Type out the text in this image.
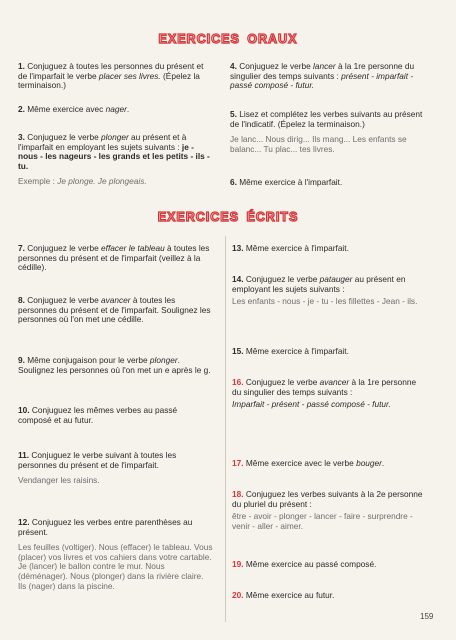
EXERCICES ORAUX
1. Conjuguez à toutes les personnes du présent et de l'imparfait le verbe placer ses livres. (Épelez la terminaison.)
2. Même exercice avec nager.
3. Conjuguez le verbe plonger au présent et à l'imparfait en employant les sujets suivants : je - nous - les nageurs - les grands et les petits - ils - tu.
Exemple : Je plonge. Je plongeais.
4. Conjuguez le verbe lancer à la 1re personne du singulier des temps suivants : présent - imparfait - passé composé - futur.
5. Lisez et complétez les verbes suivants au présent de l'indicatif. (Épelez la terminaison.)
Je lanc... Nous dirig... Ils mang... Les enfants se balanc... Tu plac... tes livres.
6. Même exercice à l'imparfait.
EXERCICES ÉCRITS
7. Conjuguez le verbe effacer le tableau à toutes les personnes du présent et de l'imparfait (veillez à la cédille).
8. Conjuguez le verbe avancer à toutes les personnes du présent et de l'imparfait. Soulignez les personnes où l'on met une cédille.
9. Même conjugaison pour le verbe plonger. Soulignez les personnes où l'on met un e après le g.
10. Conjuguez les mêmes verbes au passé composé et au futur.
11. Conjuguez le verbe suivant à toutes les personnes du présent et de l'imparfait.
Vendanger les raisins.
12. Conjuguez les verbes entre parenthèses au présent.
Les feuilles (voltiger). Nous (effacer) le tableau. Vous (placer) vos livres et vos cahiers dans votre cartable. Je (lancer) le ballon contre le mur. Nous (déménager). Nous (plonger) dans la rivière claire. Ils (nager) dans la piscine.
13. Même exercice à l'imparfait.
14. Conjuguez le verbe patauger au présent en employant les sujets suivants :
Les enfants - nous - je - tu - les fillettes - Jean - ils.
15. Même exercice à l'imparfait.
16. Conjuguez le verbe avancer à la 1re personne du singulier des temps suivants :
Imparfait - présent - passé composé - futur.
17. Même exercice avec le verbe bouger.
18. Conjuguez les verbes suivants à la 2e personne du pluriel du présent :
être - avoir - plonger - lancer - faire - surprendre - venir - aller - aimer.
19. Même exercice au passé composé.
20. Même exercice au futur.
159
